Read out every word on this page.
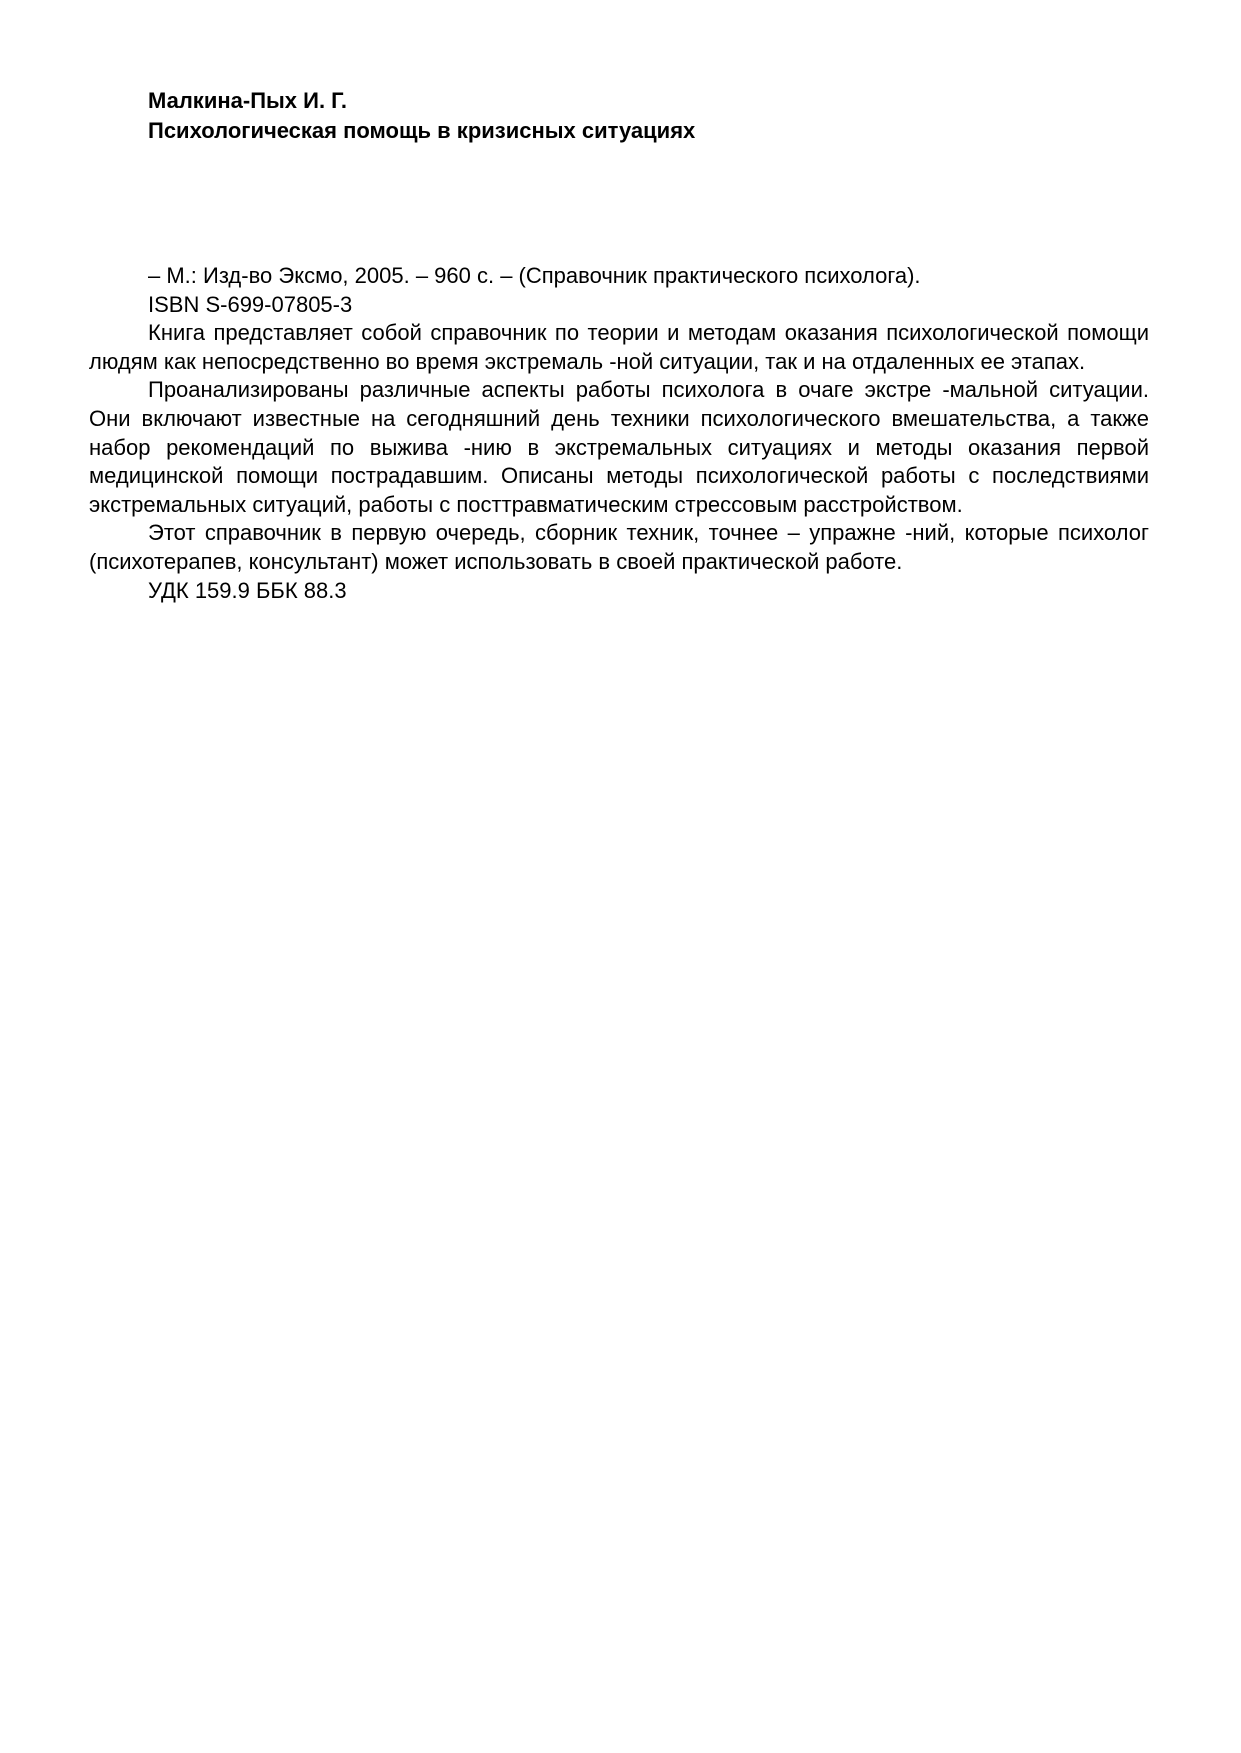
Малкина-Пых И. Г.
Психологическая помощь в кризисных ситуациях

– М.: Изд-во Эксмо, 2005. – 960 с. – (Справочник практического психолога).

ISBN S-699-07805-3

Книга представляет собой справочник по теории и методам оказания психологической помощи людям как непосредственно во время экстремаль -ной ситуации, так и на отдаленных ее этапах.

Проанализированы различные аспекты работы психолога в очаге экстре -мальной ситуации. Они включают известные на сегодняшний день техники психологического вмешательства, а также набор рекомендаций по выжива -нию в экстремальных ситуациях и методы оказания первой медицинской помощи пострадавшим. Описаны методы психологической работы с последствиями экстремальных ситуаций, работы с посттравматическим стрессовым расстройством.

Этот справочник в первую очередь, сборник техник, точнее – упражне -ний, которые психолог (психотерапев, консультант) может использовать в своей практической работе.

УДК 159.9 ББК 88.3
